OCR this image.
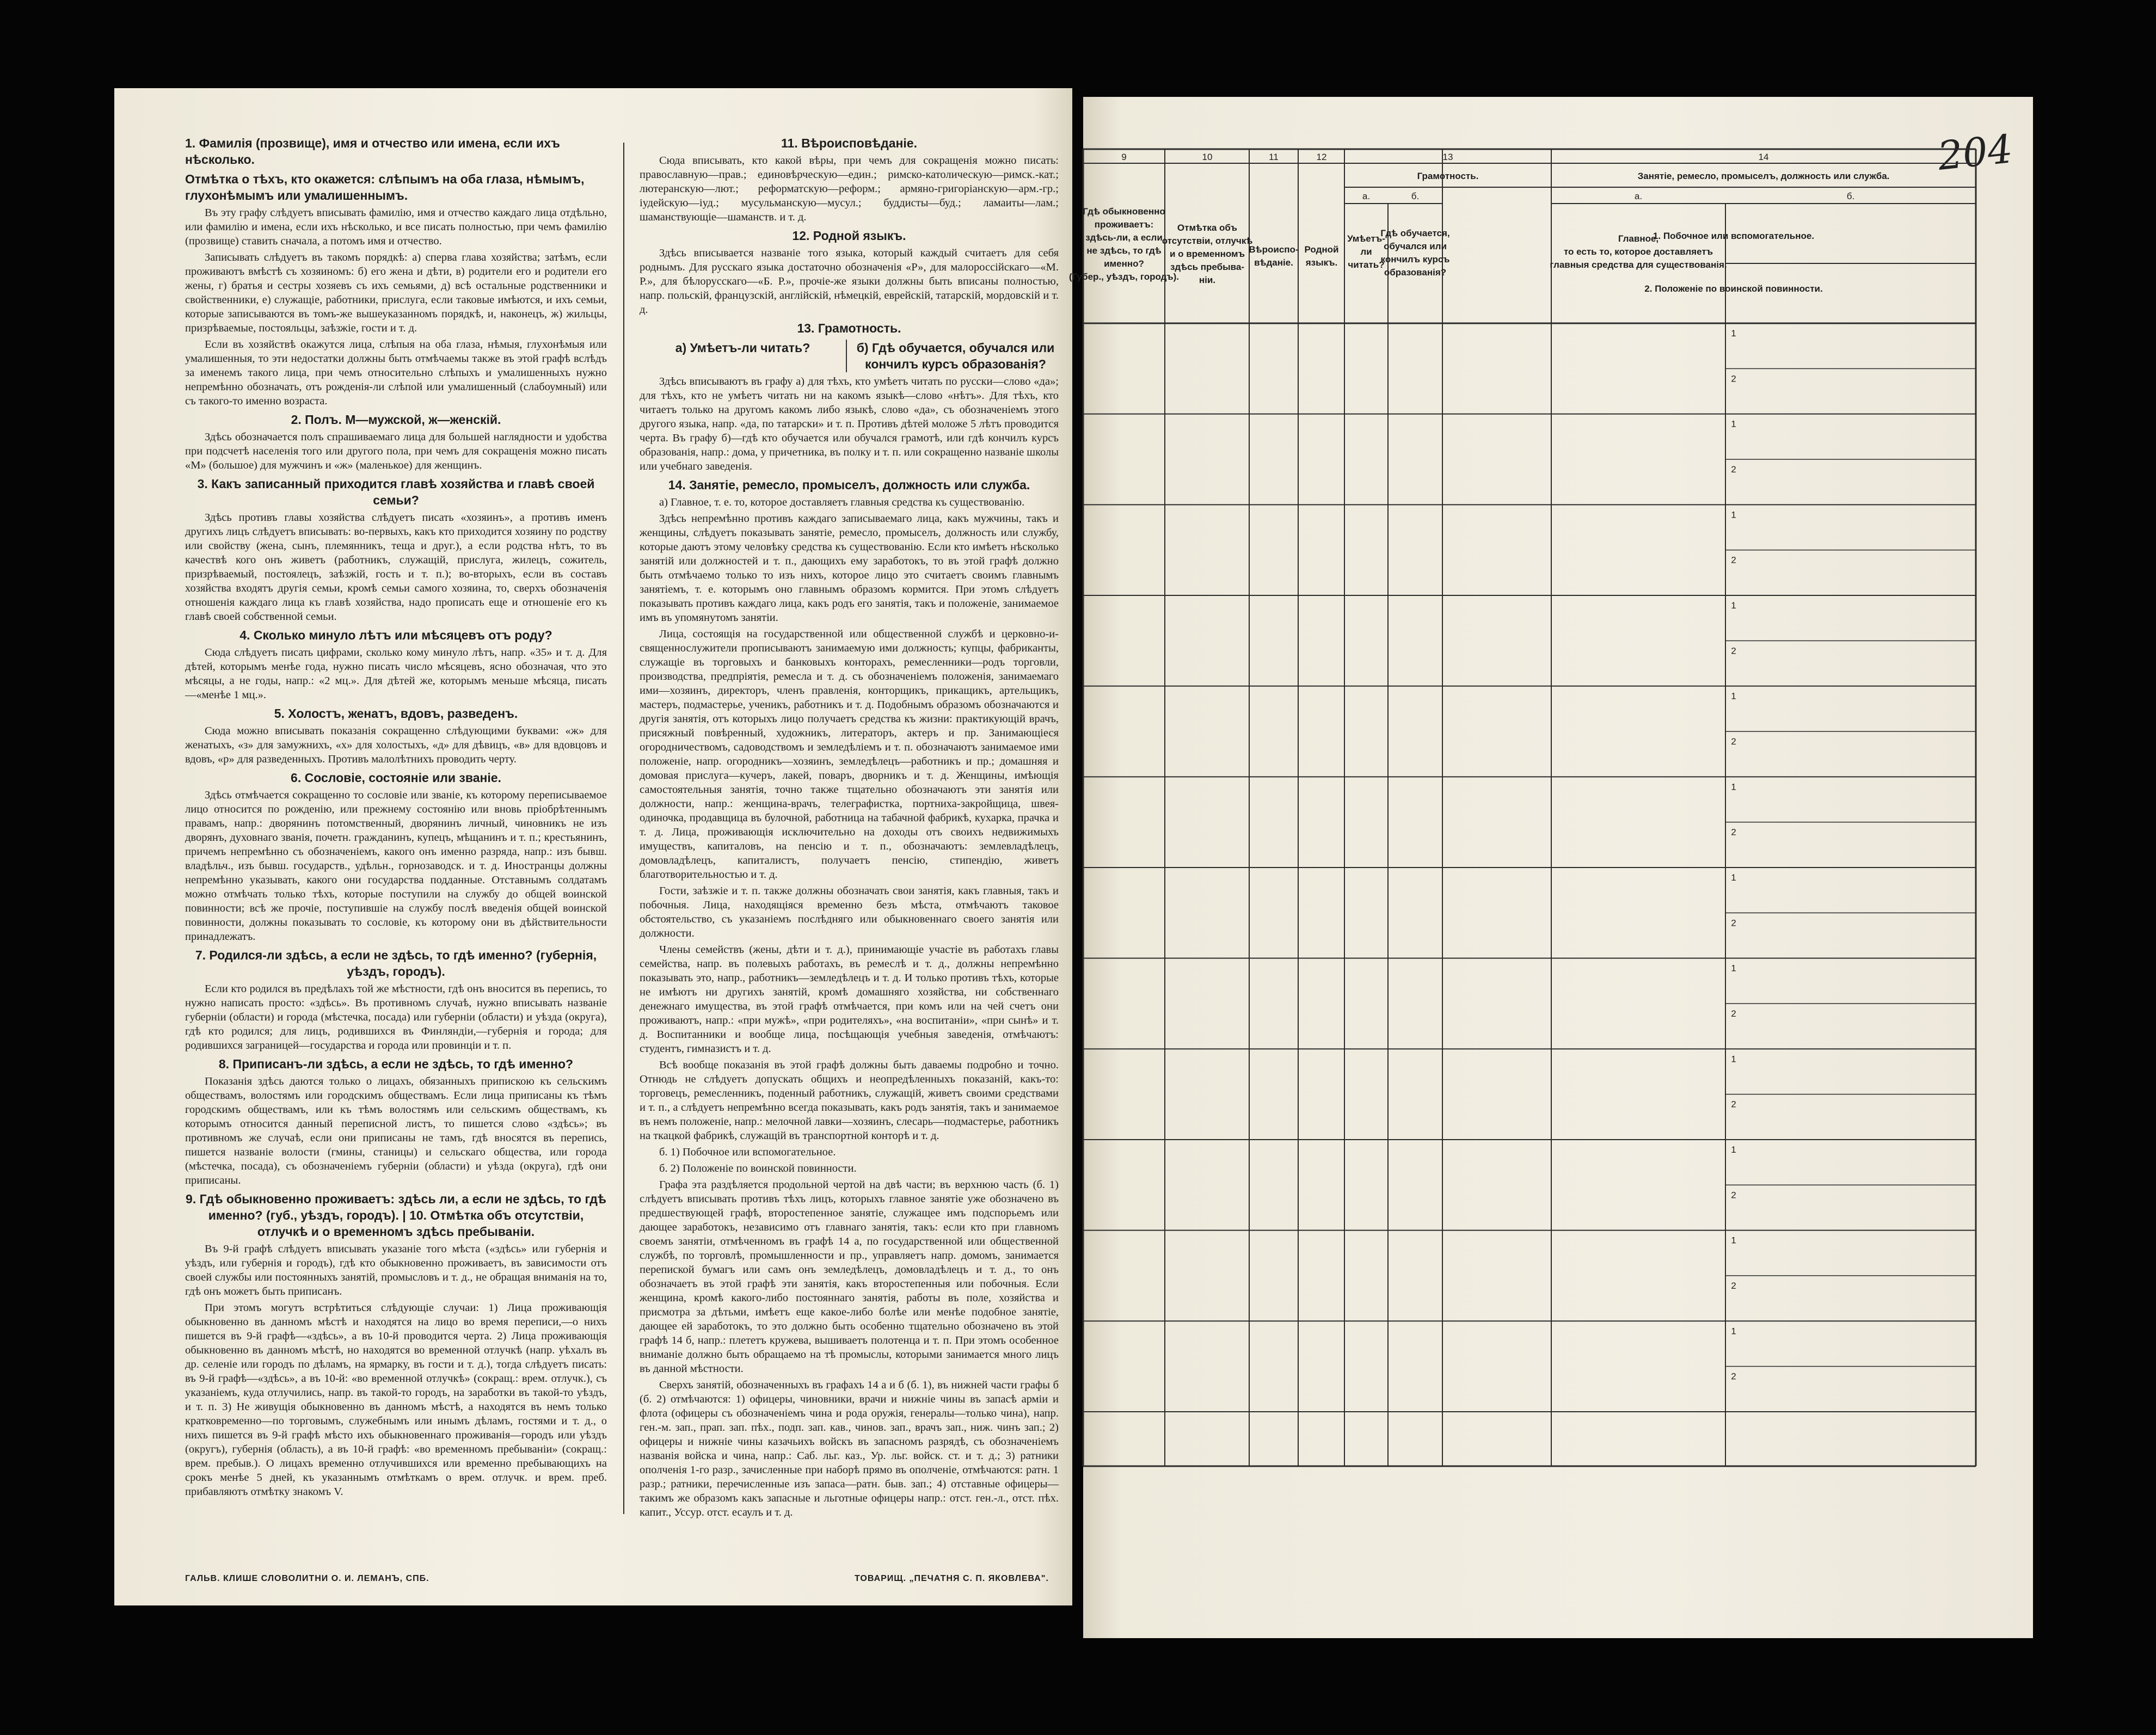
1. Фамилія (прозвище), имя и отчество или имена, если ихъ нѣсколько.
Отмѣтка о тѣхъ, кто окажется: слѣпымъ на оба глаза, нѣмымъ, глухонѣмымъ или умалишеннымъ.

Въ эту графу слѣдуетъ вписывать фамилію, имя и отчество каждаго лица отдѣльно, или фамилію и имена, если ихъ нѣсколько, и все писать полностью, при чемъ фамилію (прозвище) ставить сначала, а потомъ имя и отчество.

Записывать слѣдуетъ въ такомъ порядкѣ: а) сперва глава хозяйства; затѣмъ, если проживаютъ вмѣстѣ съ хозяиномъ: б) его жена и дѣти, в) родители его и родители его жены, г) братья и сестры хозяевъ съ ихъ семьями, д) всѣ остальные родственники и свойственники, е) служащіе, работники, прислуга, если таковые имѣются, и ихъ семьи, которые записываются въ томъ-же вышеуказанномъ порядкѣ, и, наконецъ, ж) жильцы, призрѣваемые, постояльцы, заѣзжіе, гости и т. д.

Если въ хозяйствѣ окажутся лица, слѣпыя на оба глаза, нѣмыя, глухонѣмыя или умалишенныя, то эти недостатки должны быть отмѣчаемы также въ этой графѣ вслѣдъ за именемъ такого лица, при чемъ относительно слѣпыхъ и умалишенныхъ нужно непремѣнно обозначать, отъ рожденія-ли слѣпой или умалишенный (слабоумный) или съ такого-то именно возраста.

2. Полъ. М—мужской, ж—женскій.

Здѣсь обозначается полъ спрашиваемаго лица для большей наглядности и удобства при подсчетѣ населенія того или другого пола, при чемъ для сокращенія можно писать «М» (большое) для мужчинъ и «ж» (маленькое) для женщинъ.

3. Какъ записанный приходится главѣ хозяйства и главѣ своей семьи?

Здѣсь противъ главы хозяйства слѣдуетъ писать «хозяинъ», а противъ именъ другихъ лицъ слѣдуетъ вписывать: во-первыхъ, какъ кто приходится хозяину по родству или свойству (жена, сынъ, племянникъ, теща и друг.), а если родства нѣтъ, то въ качествѣ кого онъ живетъ (работникъ, служащій, прислуга, жилецъ, сожитель, призрѣваемый, постоялецъ, заѣзжій, гость и т. п.); во-вторыхъ, если въ составъ хозяйства входятъ другія семьи, кромѣ семьи самого хозяина, то, сверхъ обозначенія отношенія каждаго лица къ главѣ хозяйства, надо прописать еще и отношеніе его къ главѣ своей собственной семьи.

4. Сколько минуло лѣтъ или мѣсяцевъ отъ роду?

Сюда слѣдуетъ писать цифрами, сколько кому минуло лѣтъ, напр. «35» и т. д. Для дѣтей, которымъ менѣе года, нужно писать число мѣсяцевъ, ясно обозначая, что это мѣсяцы, а не годы, напр.: «2 мц.». Для дѣтей же, которымъ меньше мѣсяца, писать—«менѣе 1 мц.».

5. Холостъ, женатъ, вдовъ, разведенъ.

Сюда можно вписывать показанія сокращенно слѣдующими буквами: «ж» для женатыхъ, «з» для замужнихъ, «х» для холостыхъ, «д» для дѣвицъ, «в» для вдовцовъ и вдовъ, «р» для разведенныхъ. Противъ малолѣтнихъ проводить черту.

6. Сословіе, состояніе или званіе.

Здѣсь отмѣчается сокращенно то сословіе или званіе, къ которому переписываемое лицо относится по рожденію, или прежнему состоянію или вновь пріобрѣтеннымъ правамъ, напр.: дворянинъ потомственный, дворянинъ личный, чиновникъ не изъ дворянъ, духовнаго званія, почетн. гражданинъ, купецъ, мѣщанинъ и т. п.; крестьянинъ, причемъ непремѣнно съ обозначеніемъ, какого онъ именно разряда, напр.: изъ бывш. владѣльч., изъ бывш. государств., удѣльн., горнозаводск. и т. д. Иностранцы должны непремѣнно указывать, какого они государства подданные. Отставнымъ солдатамъ можно отмѣчать только тѣхъ, которые поступили на службу до общей воинской повинности; всѣ же прочіе, поступившіе на службу послѣ введенія общей воинской повинности, должны показывать то сословіе, къ которому они въ дѣйствительности принадлежатъ.

7. Родился-ли здѣсь, а если не здѣсь, то гдѣ именно? (губернія, уѣздъ, городъ).

Если кто родился въ предѣлахъ той же мѣстности, гдѣ онъ вносится въ перепись, то нужно написать просто: «здѣсь». Въ противномъ случаѣ, нужно вписывать названіе губерніи (области) и города (мѣстечка, посада) или губерніи (области) и уѣзда (округа), гдѣ кто родился; для лицъ, родившихся въ Финляндіи,—губернія и города; для родившихся заграницей—государства и города или провинціи и т. п.

8. Приписанъ-ли здѣсь, а если не здѣсь, то гдѣ именно?

Показанія здѣсь даются только о лицахъ, обязанныхъ припискою къ сельскимъ обществамъ, волостямъ или городскимъ обществамъ. Если лица приписаны къ тѣмъ городскимъ обществамъ, или къ тѣмъ волостямъ или сельскимъ обществамъ, къ которымъ относится данный переписной листъ, то пишется слово «здѣсь»; въ противномъ же случаѣ, если они приписаны не тамъ, гдѣ вносятся въ перепись, пишется названіе волости (гмины, станицы) и сельскаго общества, или города (мѣстечка, посада), съ обозначеніемъ губерніи (области) и уѣзда (округа), гдѣ они приписаны.

9. Гдѣ обыкновенно проживаетъ: здѣсь ли, а если не здѣсь, то гдѣ именно? (губ., уѣздъ, городъ). | 10. Отмѣтка объ отсутствіи, отлучкѣ и о временномъ здѣсь пребываніи.

Въ 9-й графѣ слѣдуетъ вписывать указаніе того мѣста («здѣсь» или губернія и уѣздъ, или губернія и городъ), гдѣ кто обыкновенно проживаетъ, въ зависимости отъ своей службы или постоянныхъ занятій, промысловъ и т. д., не обращая вниманія на то, гдѣ онъ можетъ быть приписанъ.

При этомъ могутъ встрѣтиться слѣдующіе случаи: 1) Лица проживающія обыкновенно въ данномъ мѣстѣ и находятся на лицо во время переписи,—о нихъ пишется въ 9-й графѣ—«здѣсь», а въ 10-й проводится черта. 2) Лица проживающія обыкновенно въ данномъ мѣстѣ, но находятся во временной отлучкѣ (напр. уѣхалъ въ др. селеніе или городъ по дѣламъ, на ярмарку, въ гости и т. д.), тогда слѣдуетъ писать: въ 9-й графѣ—«здѣсь», а въ 10-й: «во временной отлучкѣ» (сокращ.: врем. отлучк.), съ указаніемъ, куда отлучились, напр. въ такой-то городъ, на заработки въ такой-то уѣздъ, и т. п. 3) Не живущія обыкновенно въ данномъ мѣстѣ, а находятся въ немъ только кратковременно—по торговымъ, служебнымъ или инымъ дѣламъ, гостями и т. д., о нихъ пишется въ 9-й графѣ мѣсто ихъ обыкновеннаго проживанія—городъ или уѣздъ (округъ), губернія (область), а въ 10-й графѣ: «во временномъ пребываніи» (сокращ.: врем. пребыв.). О лицахъ временно отлучившихся или временно пребывающихъ на срокъ менѣе 5 дней, къ указаннымъ отмѣткамъ о врем. отлучк. и врем. преб. прибавляютъ отмѣтку знакомъ V.

11. Вѣроисповѣданіе.

Сюда вписывать, кто какой вѣры, при чемъ для сокращенія можно писать: православную—прав.; единовѣрческую—един.; римско-католическую—римск.-кат.; лютеранскую—лют.; реформатскую—реформ.; армяно-григоріанскую—арм.-гр.; іудейскую—іуд.; мусульманскую—мусул.; буддисты—буд.; ламаиты—лам.; шаманствующіе—шаманств. и т. д.

12. Родной языкъ.

Здѣсь вписывается названіе того языка, который каждый считаетъ для себя роднымъ. Для русскаго языка достаточно обозначенія «Р», для малороссійскаго—«М. Р.», для бѣлорусскаго—«Б. Р.», прочіе-же языки должны быть вписаны полностью, напр. польскій, французскій, англійскій, нѣмецкій, еврейскій, татарскій, мордовскій и т. д.

13. Грамотность.
а) Умѣетъ-ли читать?	б) Гдѣ обучается, обучался или кончилъ курсъ образованія?

Здѣсь вписываютъ въ графу а) для тѣхъ, кто умѣетъ читать по русски—слово «да»; для тѣхъ, кто не умѣетъ читать ни на какомъ языкѣ—слово «нѣтъ». Для тѣхъ, кто читаетъ только на другомъ какомъ либо языкѣ, слово «да», съ обозначеніемъ этого другого языка, напр. «да, по татарски» и т. п. Противъ дѣтей моложе 5 лѣтъ проводится черта. Въ графу б)—гдѣ кто обучается или обучался грамотѣ, или гдѣ кончилъ курсъ образованія, напр.: дома, у причетника, въ полку и т. п. или сокращенно названіе школы или учебнаго заведенія.

14. Занятіе, ремесло, промыселъ, должность или служба.

а) Главное, т. е. то, которое доставляетъ главныя средства къ существованію.

Здѣсь непремѣнно противъ каждаго записываемаго лица, какъ мужчины, такъ и женщины, слѣдуетъ показывать занятіе, ремесло, промыселъ, должность или службу, которые даютъ этому человѣку средства къ существованію. Если кто имѣетъ нѣсколько занятій или должностей и т. п., дающихъ ему заработокъ, то въ этой графѣ должно быть отмѣчаемо только то изъ нихъ, которое лицо это считаетъ своимъ главнымъ занятіемъ, т. е. которымъ оно главнымъ образомъ кормится. При этомъ слѣдуетъ показывать противъ каждаго лица, какъ родъ его занятія, такъ и положеніе, занимаемое имъ въ упомянутомъ занятіи.

Лица, состоящія на государственной или общественной службѣ и церковно-и-священнослужители прописываютъ занимаемую ими должность; купцы, фабриканты, служащіе въ торговыхъ и банковыхъ конторахъ, ремесленники—родъ торговли, производства, предпріятія, ремесла и т. д. съ обозначеніемъ положенія, занимаемаго ими—хозяинъ, директоръ, членъ правленія, конторщикъ, прикащикъ, артельщикъ, мастеръ, подмастерье, ученикъ, работникъ и т. д. Подобнымъ образомъ обозначаются и другія занятія, отъ которыхъ лицо получаетъ средства къ жизни: практикующій врачъ, присяжный повѣренный, художникъ, литераторъ, актеръ и пр. Занимающіеся огородничествомъ, садоводствомъ и земледѣліемъ и т. п. обозначаютъ занимаемое ими положеніе, напр. огородникъ—хозяинъ, земледѣлецъ—работникъ и пр.; домашняя и домовая прислуга—кучеръ, лакей, поваръ, дворникъ и т. д. Женщины, имѣющія самостоятельныя занятія, точно также тщательно обозначаютъ эти занятія или должности, напр.: женщина-врачъ, телеграфистка, портниха-закройщица, швея-одиночка, продавщица въ булочной, работница на табачной фабрикѣ, кухарка, прачка и т. д. Лица, проживающія исключительно на доходы отъ своихъ недвижимыхъ имуществъ, капиталовъ, на пенсію и т. п., обозначаютъ: землевладѣлецъ, домовладѣлецъ, капиталистъ, получаетъ пенсію, стипендію, живетъ благотворительностью и т. д.

Гости, заѣзжіе и т. п. также должны обозначать свои занятія, какъ главныя, такъ и побочныя. Лица, находящіяся временно безъ мѣста, отмѣчаютъ таковое обстоятельство, съ указаніемъ послѣдняго или обыкновеннаго своего занятія или должности.

Члены семействъ (жены, дѣти и т. д.), принимающіе участіе въ работахъ главы семейства, напр. въ полевыхъ работахъ, въ ремеслѣ и т. д., должны непремѣнно показывать это, напр., работникъ—земледѣлецъ и т. д. И только противъ тѣхъ, которые не имѣютъ ни другихъ занятій, кромѣ домашняго хозяйства, ни собственнаго денежнаго имущества, въ этой графѣ отмѣчается, при комъ или на чей счетъ они проживаютъ, напр.: «при мужѣ», «при родителяхъ», «на воспитаніи», «при сынѣ» и т. д. Воспитанники и вообще лица, посѣщающія учебныя заведенія, отмѣчаютъ: студентъ, гимназистъ и т. д.

Всѣ вообще показанія въ этой графѣ должны быть даваемы подробно и точно. Отнюдь не слѣдуетъ допускать общихъ и неопредѣленныхъ показаній, какъ-то: торговецъ, ремесленникъ, поденный работникъ, служащій, живетъ своими средствами и т. п., а слѣдуетъ непремѣнно всегда показывать, какъ родъ занятія, такъ и занимаемое въ немъ положеніе, напр.: мелочной лавки—хозяинъ, слесарь—подмастерье, работникъ на ткацкой фабрикѣ, служащій въ транспортной конторѣ и т. д.

б. 1) Побочное или вспомогательное.

б. 2) Положеніе по воинской повинности.

Графа эта раздѣляется продольной чертой на двѣ части; въ верхнюю часть (б. 1) слѣдуетъ вписывать противъ тѣхъ лицъ, которыхъ главное занятіе уже обозначено въ предшествующей графѣ, второстепенное занятіе, служащее имъ подспорьемъ или дающее заработокъ, независимо отъ главнаго занятія, такъ: если кто при главномъ своемъ занятіи, отмѣченномъ въ графѣ 14 а, по государственной или общественной службѣ, по торговлѣ, промышленности и пр., управляетъ напр. домомъ, занимается перепиской бумагъ или самъ онъ земледѣлецъ, домовладѣлецъ и т. д., то онъ обозначаетъ въ этой графѣ эти занятія, какъ второстепенныя или побочныя. Если женщина, кромѣ какого-либо постояннаго занятія, работы въ поле, хозяйства и присмотра за дѣтьми, имѣетъ еще какое-либо болѣе или менѣе подобное занятіе, дающее ей заработокъ, то это должно быть особенно тщательно обозначено въ этой графѣ 14 б, напр.: плететъ кружева, вышиваетъ полотенца и т. п. При этомъ особенное вниманіе должно быть обращаемо на тѣ промыслы, которыми занимается много лицъ въ данной мѣстности.

Сверхъ занятій, обозначенныхъ въ графахъ 14 а и б (б. 1), въ нижней части графы б (б. 2) отмѣчаются: 1) офицеры, чиновники, врачи и нижніе чины въ запасѣ арміи и флота (офицеры съ обозначеніемъ чина и рода оружія, генералы—только чина), напр. ген.-м. зап., прап. зап. пѣх., подп. зап. кав., чинов. зап., врачъ зап., ниж. чинъ зап.; 2) офицеры и нижніе чины казачьихъ войскъ въ запасномъ разрядѣ, съ обозначеніемъ названія войска и чина, напр.: Саб. льг. каз., Ур. льг. войск. ст. и т. д.; 3) ратники ополченія 1-го разр., зачисленные при наборѣ прямо въ ополченіе, отмѣчаются: ратн. 1 разр.; ратники, перечисленные изъ запаса—ратн. быв. зап.; 4) отставные офицеры—такимъ же образомъ какъ запасные и льготные офицеры напр.: отст. ген.-л., отст. пѣх. капит., Уссур. отст. есаулъ и т. д.

ГАЛЬВ. КЛИШЕ СЛОВОЛИТНИ О. И. ЛЕМАНЪ, СПБ.	ТОВАРИЩ. „ПЕЧАТНЯ С. П. ЯКОВЛЕВА".
204
9	10	11	12	13	14
Гдѣ обыкновенно
проживаетъ:
здѣсь-ли, а если
не здѣсь, то гдѣ
именно?
(Губер., уѣздъ, городъ).
Отмѣтка объ
отсутствіи, отлучкѣ
и о временномъ
здѣсь пребыва-
ніи.
Вѣроиспо-
вѣданіе.
Родной
языкъ.
Грамотность.
а.	б.
Умѣетъ-
ли
читать?
Гдѣ обучается,
обучался или
кончилъ курсъ
образованія?
Занятіе, ремесло, промыселъ, должность или служба.
а.	б.
Главное,
то есть то, которое доставляетъ
главныя средства для существованія.
1. Побочное или вспомогательное.
2. Положеніе по воинской повинности.
1
2
1
2
1
2
1
2
1
2
1
2
1
2
1
2
1
2
1
2
1
2
1
2
